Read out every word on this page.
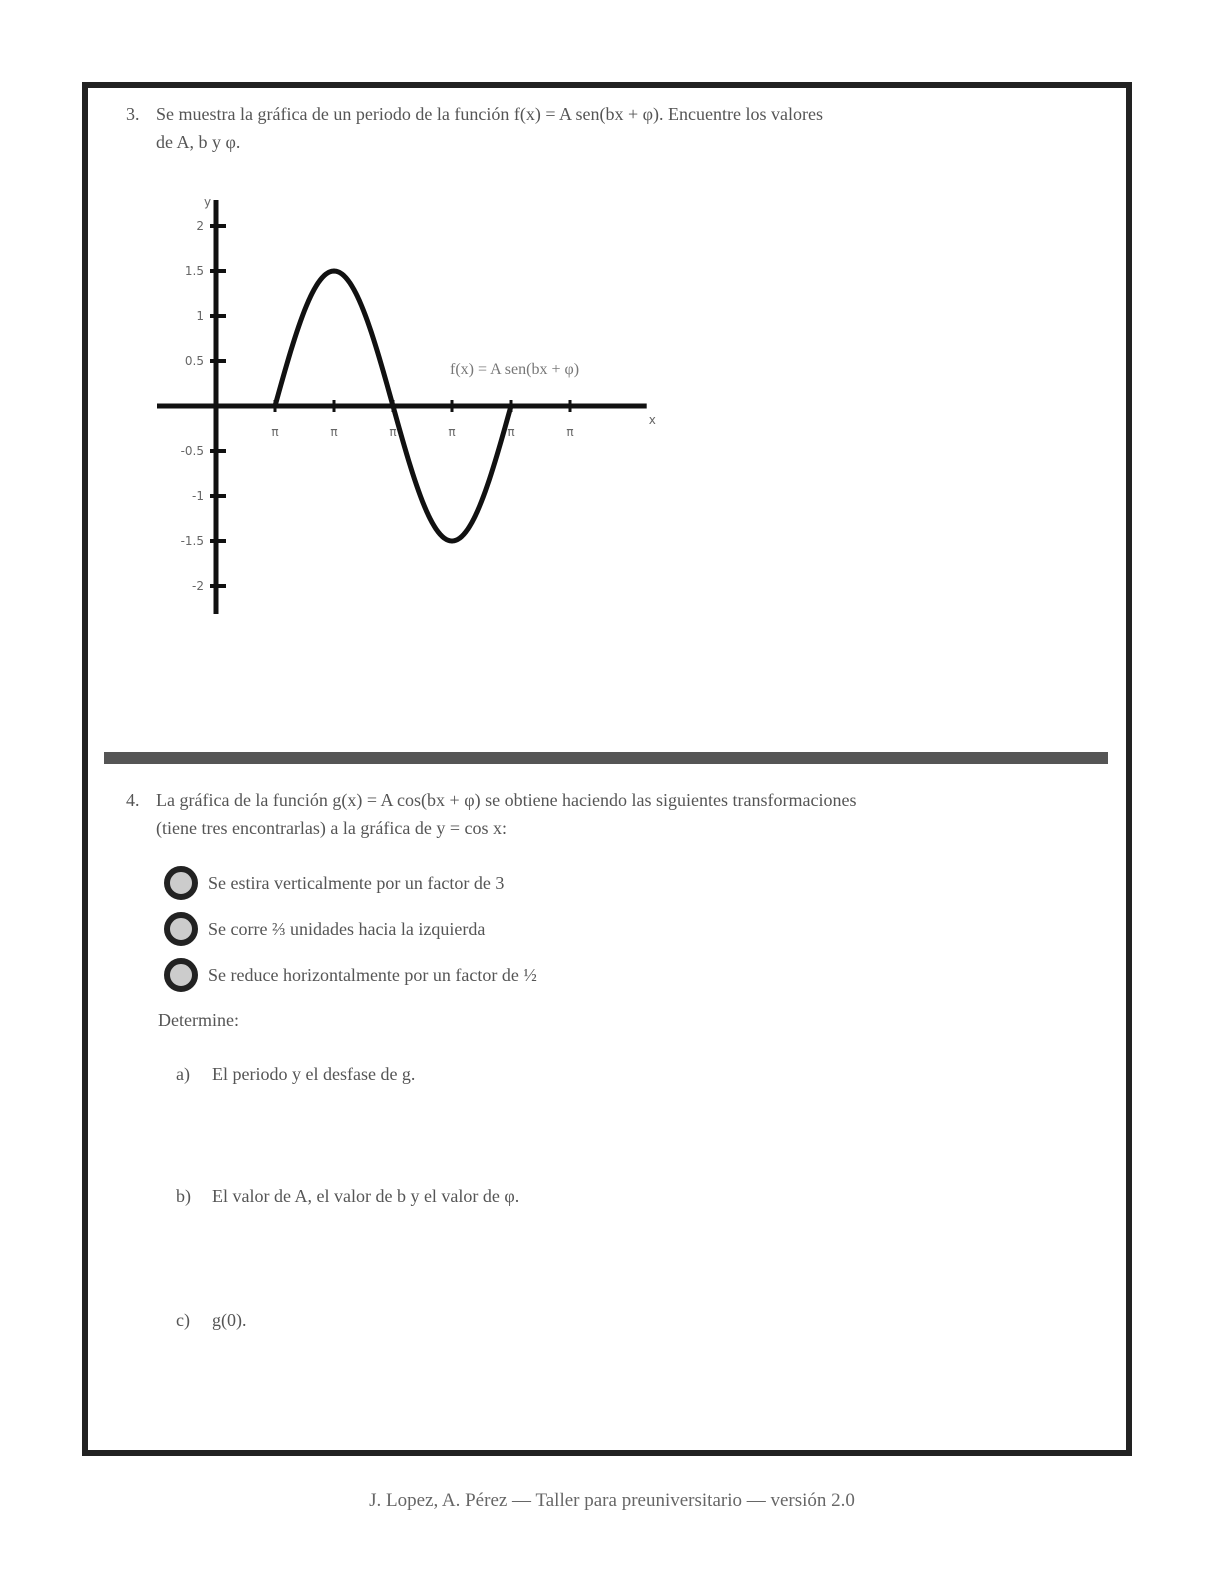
3. Se muestra la gráfica de un periodo de la función f(x) = A sen(bx + φ). Encuentre los valores
de A, b y φ.
x
y
2
1.5
1
0.5
-0.5
-1
-1.5
-2
π	π	π	π	π	π
f(x) = A sen(bx + φ)
4. La gráfica de la función g(x) = A cos(bx + φ) se obtiene haciendo las siguientes transformaciones
(tiene tres encontrarlas) a la gráfica de y = cos x:
Se estira verticalmente por un factor de 3
Se corre ⅔ unidades hacia la izquierda
Se reduce horizontalmente por un factor de ½
Determine:
a) El periodo y el desfase de g.
b) El valor de A, el valor de b y el valor de φ.
c) g(0).
J. Lopez, A. Pérez — Taller para preuniversitario — versión 2.0
